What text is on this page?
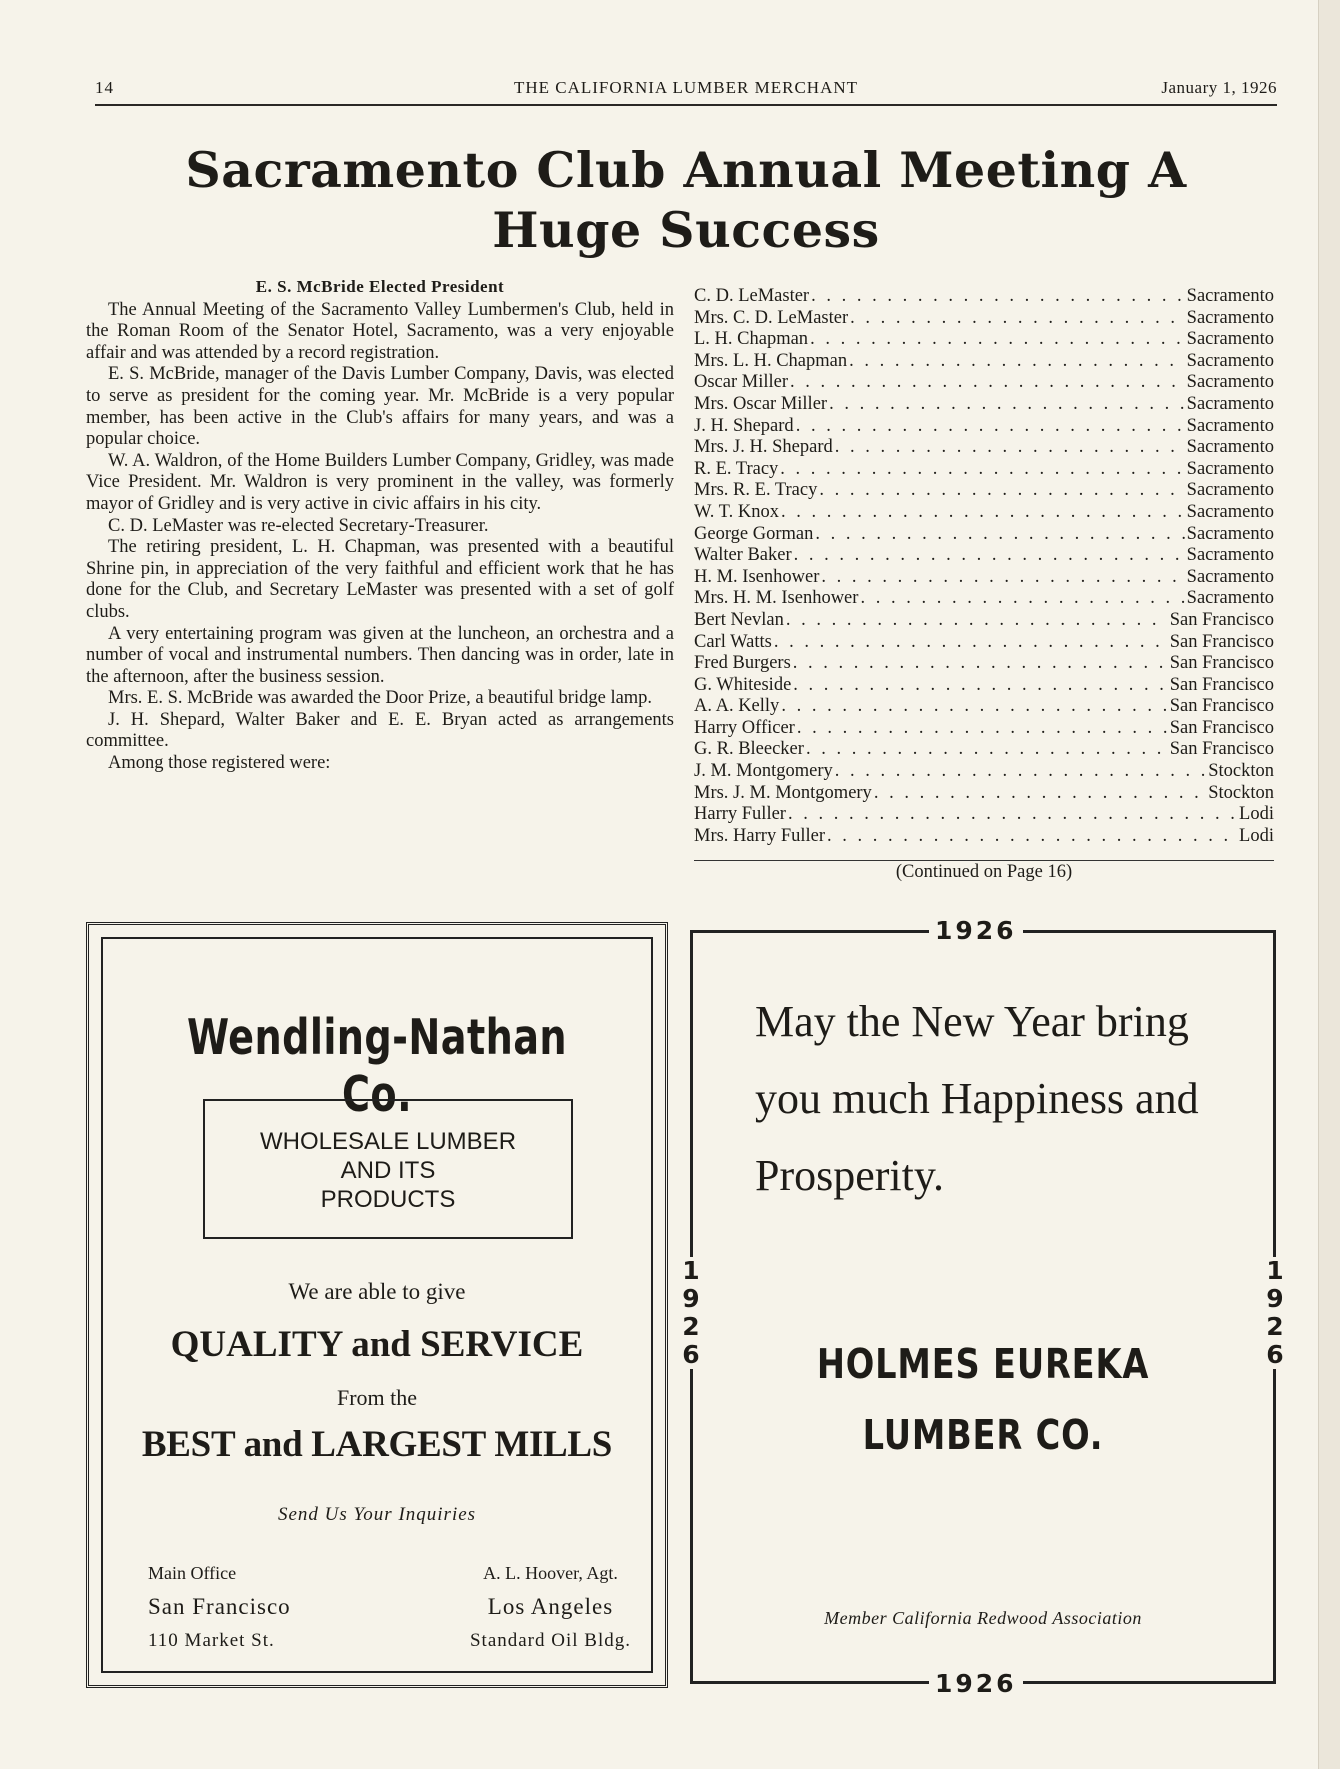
14	THE CALIFORNIA LUMBER MERCHANT	January 1, 1926
Sacramento Club Annual Meeting A
Huge Success
E. S. McBride Elected President

The Annual Meeting of the Sacramento Valley Lumbermen's Club, held in the Roman Room of the Senator Hotel, Sacramento, was a very enjoyable affair and was attended by a record registration.

E. S. McBride, manager of the Davis Lumber Company, Davis, was elected to serve as president for the coming year. Mr. McBride is a very popular member, has been active in the Club's affairs for many years, and was a popular choice.

W. A. Waldron, of the Home Builders Lumber Company, Gridley, was made Vice President. Mr. Waldron is very prominent in the valley, was formerly mayor of Gridley and is very active in civic affairs in his city.

C. D. LeMaster was re-elected Secretary-Treasurer.

The retiring president, L. H. Chapman, was presented with a beautiful Shrine pin, in appreciation of the very faithful and efficient work that he has done for the Club, and Secretary LeMaster was presented with a set of golf clubs.

A very entertaining program was given at the luncheon, an orchestra and a number of vocal and instrumental numbers. Then dancing was in order, late in the afternoon, after the business session.

Mrs. E. S. McBride was awarded the Door Prize, a beautiful bridge lamp.

J. H. Shepard, Walter Baker and E. E. Bryan acted as arrangements committee.

Among those registered were:

C. D. LeMaster . . .	Sacramento
Mrs. C. D. LeMaster . . .	Sacramento
L. H. Chapman . . .	Sacramento
Mrs. L. H. Chapman . . .	Sacramento
Oscar Miller . . .	Sacramento
Mrs. Oscar Miller . . .	Sacramento
J. H. Shepard . . .	Sacramento
Mrs. J. H. Shepard . . .	Sacramento
R. E. Tracy . . .	Sacramento
Mrs. R. E. Tracy . . .	Sacramento
W. T. Knox . . .	Sacramento
George Gorman . . .	Sacramento
Walter Baker . . .	Sacramento
H. M. Isenhower . . .	Sacramento
Mrs. H. M. Isenhower . . .	Sacramento
Bert Nevlan . . .	San Francisco
Carl Watts . . .	San Francisco
Fred Burgers . . .	San Francisco
G. Whiteside . . .	San Francisco
A. A. Kelly . . .	San Francisco
Harry Officer . . .	San Francisco
G. R. Bleecker . . .	San Francisco
J. M. Montgomery . . .	Stockton
Mrs. J. M. Montgomery . . .	Stockton
Harry Fuller . . .	Lodi
Mrs. Harry Fuller . . .	Lodi
(Continued on Page 16)
Wendling-Nathan Co.
WHOLESALE LUMBER
AND ITS
PRODUCTS
We are able to give
QUALITY and SERVICE
From the
BEST and LARGEST MILLS
Send Us Your Inquiries
Main Office
San Francisco
110 Market St.
A. L. Hoover, Agt.
Los Angeles
Standard Oil Bldg.
1926
1926
1
9
2
6
1
9
2
6
May the New Year bring
you much Happiness and
Prosperity.
HOLMES EUREKA
LUMBER CO.
Member California Redwood Association
